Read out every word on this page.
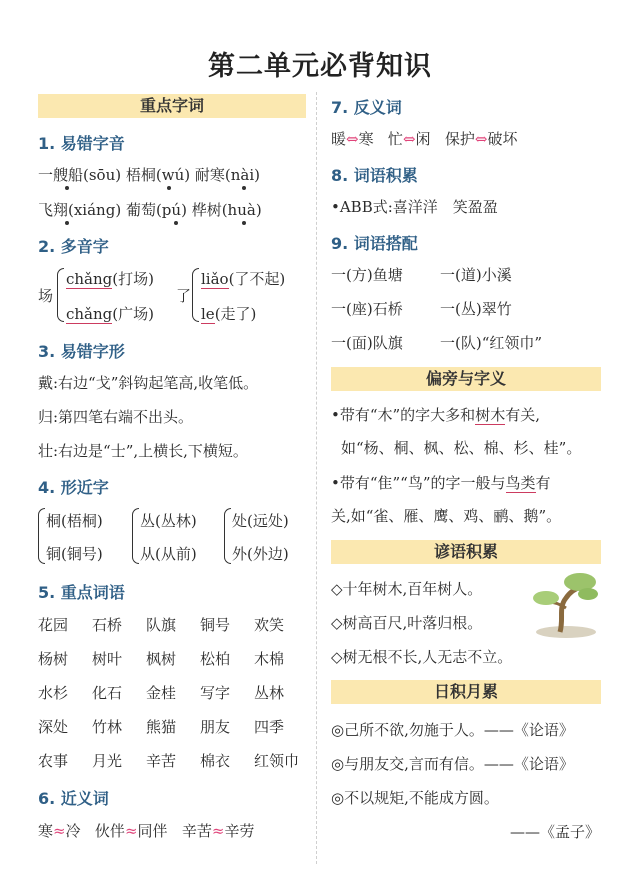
第二单元必背知识
重点字词
1. 易错字音
一艘船(sōu) 梧桐(wú) 耐寒(nài)
飞翔(xiáng) 葡萄(pú) 桦树(huà)
2. 多音字
场
chǎng(打场)
chǎng(广场)
了
liǎo(了不起)
le(走了)
3. 易错字形
戴:右边“戈”斜钩起笔高,收笔低。
归:第四笔右端不出头。
壮:右边是“士”,上横长,下横短。
4. 形近字
桐(梧桐)
铜(铜号)
丛(丛林)
从(从前)
处(远处)
外(外边)
5. 重点词语
花园 石桥 队旗 铜号 欢笑
杨树 树叶 枫树 松柏 木棉
水杉 化石 金桂 写字 丛林
深处 竹林 熊猫 朋友 四季
农事 月光 辛苦 棉衣 红领巾
6. 近义词
寒≈冷 伙伴≈同伴 辛苦≈辛劳
7. 反义词
暖⇔寒 忙⇔闲 保护⇔破坏
8. 词语积累
•ABB式:喜洋洋　笑盈盈
9. 词语搭配
一(方)鱼塘 一(道)小溪
一(座)石桥 一(丛)翠竹
一(面)队旗 一(队)“红领巾”
偏旁与字义
•带有“木”的字大多和树木有关,
如“杨、桐、枫、松、棉、杉、桂”。
•带有“隹”“鸟”的字一般与鸟类有
关,如“雀、雁、鹰、鸡、鹂、鹅”。
谚语积累
◇十年树木,百年树人。
◇树高百尺,叶落归根。
◇树无根不长,人无志不立。
日积月累
◎己所不欲,勿施于人。——《论语》
◎与朋友交,言而有信。——《论语》
◎不以规矩,不能成方圆。
——《孟子》
